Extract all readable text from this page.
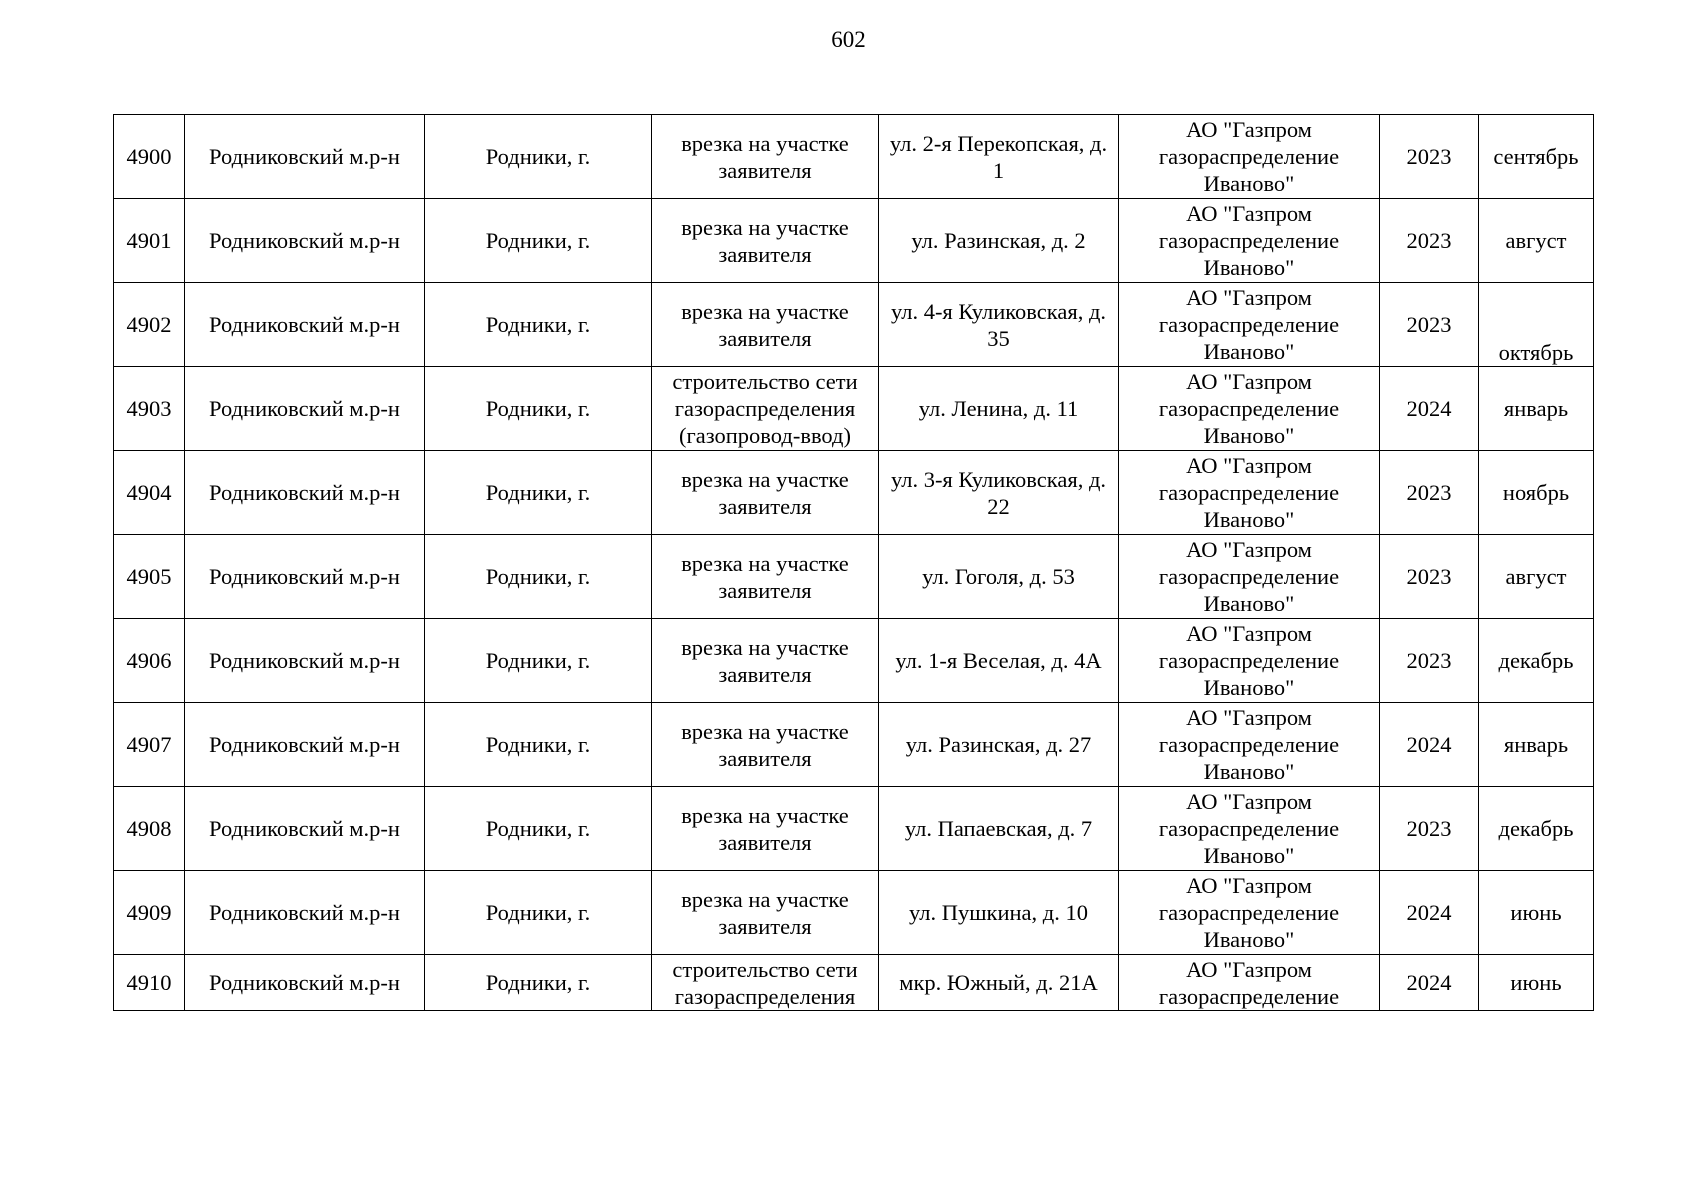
602
4900	Родниковский м.р-н	Родники, г.	врезка на участке заявителя	ул. 2-я Перекопская, д. 1	АО "Газпром газораспределение Иваново"	2023	сентябрь
4901	Родниковский м.р-н	Родники, г.	врезка на участке заявителя	ул. Разинская, д. 2	АО "Газпром газораспределение Иваново"	2023	август
4902	Родниковский м.р-н	Родники, г.	врезка на участке заявителя	ул. 4-я Куликовская, д. 35	АО "Газпром газораспределение Иваново"	2023	октябрь
4903	Родниковский м.р-н	Родники, г.	строительство сети газораспределения (газопровод-ввод)	ул. Ленина, д. 11	АО "Газпром газораспределение Иваново"	2024	январь
4904	Родниковский м.р-н	Родники, г.	врезка на участке заявителя	ул. 3-я Куликовская, д. 22	АО "Газпром газораспределение Иваново"	2023	ноябрь
4905	Родниковский м.р-н	Родники, г.	врезка на участке заявителя	ул. Гоголя, д. 53	АО "Газпром газораспределение Иваново"	2023	август
4906	Родниковский м.р-н	Родники, г.	врезка на участке заявителя	ул. 1-я Веселая, д. 4А	АО "Газпром газораспределение Иваново"	2023	декабрь
4907	Родниковский м.р-н	Родники, г.	врезка на участке заявителя	ул. Разинская, д. 27	АО "Газпром газораспределение Иваново"	2024	январь
4908	Родниковский м.р-н	Родники, г.	врезка на участке заявителя	ул. Папаевская, д. 7	АО "Газпром газораспределение Иваново"	2023	декабрь
4909	Родниковский м.р-н	Родники, г.	врезка на участке заявителя	ул. Пушкина, д. 10	АО "Газпром газораспределение Иваново"	2024	июнь
4910	Родниковский м.р-н	Родники, г.	строительство сети газораспределения	мкр. Южный, д. 21А	АО "Газпром газораспределение	2024	июнь
